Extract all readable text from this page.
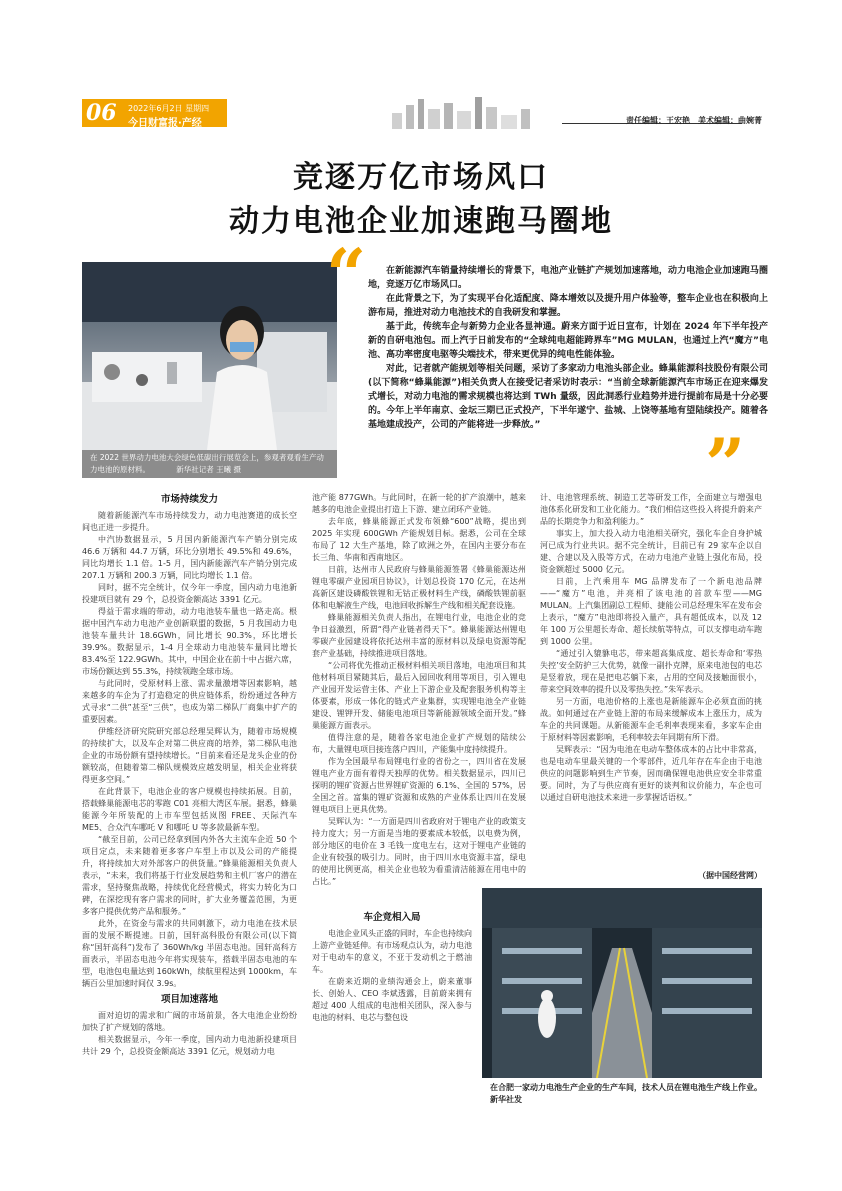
06 2022年6月2日 星期四
今日财富报·产经	责任编辑：王宏艳　美术编辑：曲婉菁
竞逐万亿市场风口
动力电池企业加速跑马圈地
在 2022 世界动力电池大会绿色低碳出行展览会上，参观者观看生产动力电池的原材料。　　　　新华社记者 王曦 摄
“
”

在新能源汽车销量持续增长的背景下，电池产业链扩产规划加速落地，动力电池企业加速跑马圈地，竞逐万亿市场风口。

在此背景之下，为了实现平台化适配度、降本增效以及提升用户体验等，整车企业也在积极向上游布局，推进对动力电池技术的自我研发和掌握。

基于此，传统车企与新势力企业各显神通。蔚来方面于近日宣布，计划在 2024 年下半年投产新的自研电池包。而上汽于日前发布的“全球纯电超能跨界车”MG MULAN，也通过上汽“魔方”电池、高功率密度电驱等尖端技术，带来更优异的纯电性能体验。

对此，记者就产能规划等相关问题，采访了多家动力电池头部企业。蜂巢能源科技股份有限公司(以下简称“蜂巢能源”)相关负责人在接受记者采访时表示：“当前全球新能源汽车市场正在迎来爆发式增长，对动力电池的需求规模也将达到 TWh 量级，因此洞悉行业趋势并进行提前布局是十分必要的。今年上半年南京、金坛三期已正式投产，下半年遂宁、盐城、上饶等基地有望陆续投产。随着各基地建成投产，公司的产能将进一步释放。”

市场持续发力

随着新能源汽车市场持续发力，动力电池赛道的成长空间也正进一步提升。

中汽协数据显示，5 月国内新能源汽车产销分别完成 46.6 万辆和 44.7 万辆，环比分别增长 49.5%和 49.6%，同比均增长 1.1 倍。1-5 月，国内新能源汽车产销分别完成 207.1 万辆和 200.3 万辆，同比均增长 1.1 倍。

同时，据不完全统计，仅今年一季度，国内动力电池新投建项目就有 29 个，总投资金额高达 3391 亿元。

得益于需求端的带动，动力电池装车量也一路走高。根据中国汽车动力电池产业创新联盟的数据，5 月我国动力电池装车量共计 18.6GWh，同比增长 90.3%，环比增长 39.9%。数据显示，1-4 月全球动力电池装车量同比增长 83.4%至 122.9GWh。其中，中国企业在前十中占据六席，市场份额达到 55.3%，持续领跑全球市场。

与此同时，受原材料上涨、需求量激增等因素影响，越来越多的车企为了打造稳定的供应链体系，纷纷通过各种方式寻求“二供”甚至“三供”，也成为第二梯队厂商集中扩产的重要因素。

伊维经济研究院研究部总经理吴辉认为，随着市场规模的持续扩大，以及车企对第二供应商的培养，第二梯队电池企业的市场份额有望持续增长。“目前来看还是龙头企业的份额较高，但随着第二梯队规模效应越发明显，相关企业将获得更多空间。”

在此背景下，电池企业的客户规模也持续拓展。目前，搭载蜂巢能源电芯的零跑 C01 亮相大湾区车展。据悉，蜂巢能源今年所装配的上市车型包括岚图 FREE、天际汽车 ME5、合众汽车哪吒 V 和哪吒 U 等多款最新车型。

“截至目前，公司已经拿到国内外各大主流车企近 50 个项目定点，未来随着更多客户车型上市以及公司的产能提升，将持续加大对外部客户的供货量。”蜂巢能源相关负责人表示，“未来，我们将基于行业发展趋势和主机厂客户的潜在需求，坚持聚焦战略，持续优化经营模式，将实力转化为口碑，在深挖现有客户需求的同时，扩大业务覆盖范围，为更多客户提供优势产品和服务。”

此外，在资金与需求的共同刺激下，动力电池在技术层面的发展不断提速。日前，国轩高科股份有限公司(以下简称“国轩高科”)发布了 360Wh/kg 半固态电池。国轩高科方面表示，半固态电池今年将实现装车，搭载半固态电池的车型，电池包电量达到 160kWh，续航里程达到 1000km，车辆百公里加速时间仅 3.9s。

项目加速落地

面对迫切的需求和广阔的市场前景，各大电池企业纷纷加快了扩产规划的落地。

相关数据显示，今年一季度，国内动力电池新投建项目共计 29 个，总投资金额高达 3391 亿元，规划动力电

池产能 877GWh。与此同时，在新一轮的扩产浪潮中，越来越多的电池企业提出打造上下游、建立闭环产业链。

去年底，蜂巢能源正式发布领蜂“600”战略，提出到 2025 年实现 600GWh 产能规划目标。据悉，公司在全球布局了 12 大生产基地，除了欧洲之外，在国内主要分布在长三角、华南和西南地区。

日前，达州市人民政府与蜂巢能源签署《蜂巢能源达州锂电零碳产业园项目协议》，计划总投资 170 亿元，在达州高新区建设磷酸铁锂和无钴正极材料生产线，磷酸铁锂前驱体和电解液生产线，电池回收拆解生产线和相关配套设施。

蜂巢能源相关负责人指出，在锂电行业，电池企业的竞争日益激烈，所谓“得产业链者得天下”。蜂巢能源达州锂电零碳产业园建设将依托达州丰富的原材料以及绿电资源等配套产业基础，持续推进项目落地。

“公司将优先推动正极材料相关项目落地，电池项目和其他材料项目紧随其后，最后入园回收利用等项目，引入锂电产业园开发运营主体、产业上下游企业及配套服务机构等主体要素，形成一体化的链式产业集群，实现锂电池全产业链建设、锂钾开发、储能电池项目等新能源领域全面开发。”蜂巢能源方面表示。

值得注意的是，随着各家电池企业扩产规划的陆续公布，大量锂电项目接连落户四川，产能集中度持续提升。

作为全国最早布局锂电行业的省份之一，四川省在发展锂电产业方面有着得天独厚的优势。相关数据显示，四川已探明的锂矿资源占世界锂矿资源的 6.1%、全国的 57%，居全国之首。富集的锂矿资源和成熟的产业体系让四川在发展锂电项目上更具优势。

吴辉认为：“一方面是四川省政府对于锂电产业的政策支持力度大；另一方面是当地的要素成本较低，以电费为例，部分地区的电价在 3 毛钱一度电左右，这对于锂电产业链的企业有较强的吸引力。同时，由于四川水电资源丰富，绿电的使用比例更高，相关企业也较为看重清洁能源在用电中的占比。”

车企竞相入局

电池企业风头正盛的同时，车企也持续向上游产业链延伸。有市场观点认为，动力电池对于电动车的意义，不亚于发动机之于燃油车。

在蔚来近期的业绩沟通会上，蔚来董事长、创始人、CEO 李斌透露，目前蔚来拥有超过 400 人组成的电池相关团队，深入参与电池的材料、电芯与整包设

计、电池管理系统、制造工艺等研发工作，全面建立与增强电池体系化研发和工业化能力。“我们相信这些投入将提升蔚来产品的长期竞争力和盈利能力。”

事实上，加大投入动力电池相关研究，强化车企自身护城河已成为行业共识。据不完全统计，目前已有 29 家车企以自建、合建以及入股等方式，在动力电池产业链上强化布局，投资金额超过 5000 亿元。

日前，上汽乘用车 MG 品牌发布了一个新电池品牌——“魔方”电池，并亮相了该电池的首款车型——MG MULAN。上汽集团副总工程师、捷能公司总经理朱军在发布会上表示，“魔方”电池即将投入量产，具有超低成本，以及 12 年 100 万公里超长寿命、超长续航等特点，可以支撑电动车跑到 1000 公里。

“通过引入貔貅电芯，带来超高集成度、超长寿命和‘零热失控’安全防护三大优势，就像一副扑克牌，原来电池包的电芯是竖着放，现在是把电芯躺下来，占用的空间及接触面很小，带来空间效率的提升以及零热失控。”朱军表示。

另一方面，电池价格的上涨也是新能源车企必须直面的挑战。如何通过在产业链上游的布局来缓解成本上涨压力，成为车企的共同课题。从新能源车企毛利率表现来看，多家车企由于原材料等因素影响，毛利率较去年同期有所下滑。

吴辉表示：“因为电池在电动车整体成本的占比中非常高，也是电动车里最关键的一个零部件，近几年存在车企由于电池供应的问题影响到生产节奏，因而确保锂电池供应安全非常重要。同时，为了与供应商有更好的谈判和议价能力，车企也可以通过自研电池技术来进一步掌握话语权。”

（据中国经营网）
在合肥一家动力电池生产企业的生产车间，技术人员在锂电池生产线上作业。　　　　　　　　　新华社发
